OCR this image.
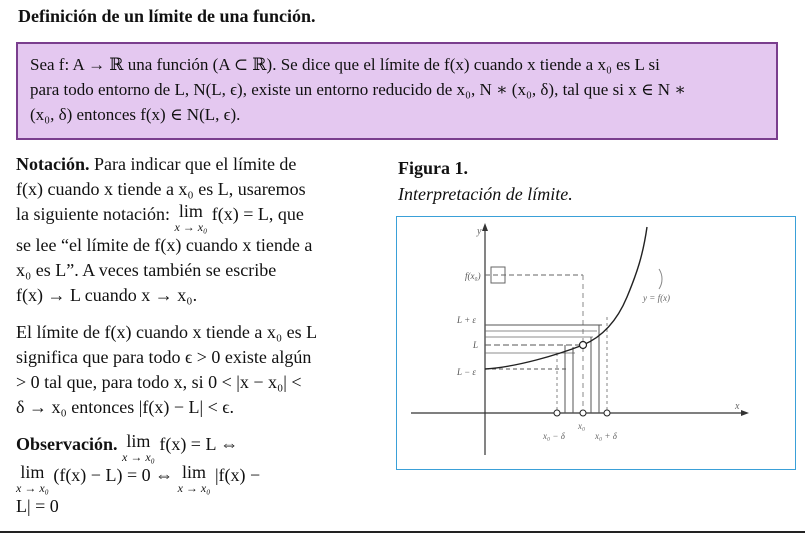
Definición de un límite de una función.
Sea f: A → ℝ una función (A ⊂ ℝ). Se dice que el límite de f(x) cuando x tiende a x₀ es L si
para todo entorno de L, N(L, ϵ), existe un entorno reducido de x₀, N ∗ (x₀, δ), tal que si x ∈ N ∗
(x₀, δ) entonces f(x) ∈ N(L, ϵ).

Notación. Para indicar que el límite de
f(x) cuando x tiende a x₀ es L, usaremos
la siguiente notación: lim
x → x₀
f(x) = L, que
se lee “el límite de f(x) cuando x tiende a
x₀ es L”. A veces también se escribe
f(x) → L cuando x → x₀.

El límite de f(x) cuando x tiende a x₀ es L
significa que para todo ϵ > 0 existe algún
> 0 tal que, para todo x, si 0 < |x − x₀| <
δ → x₀ entonces |f(x) − L| < ϵ.

Observación. lim
x → x₀
f(x) = L ⇔

lim
x → x₀
(f(x) − L) = 0 ⇔ lim
x → x₀
|f(x) −
L| = 0

Figura 1.
Interpretación de límite.
y
x
f(x₀)
L + ε
L
L − ε
x₀ − δ
x₀
x₀ + δ
y = f(x)
